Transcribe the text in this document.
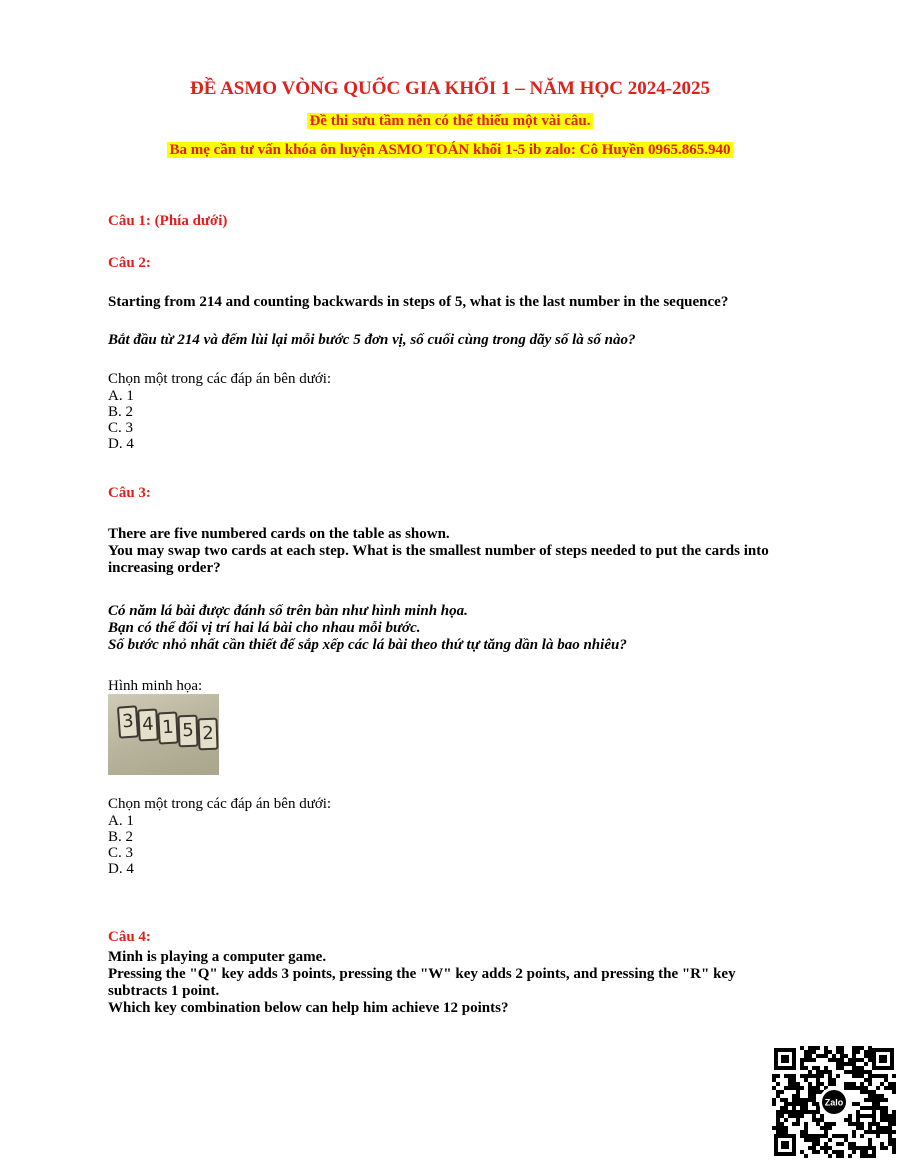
ĐỀ ASMO VÒNG QUỐC GIA KHỐI 1 – NĂM HỌC 2024-2025
Đề thi sưu tầm nên có thể thiếu một vài câu.
Ba mẹ cần tư vấn khóa ôn luyện ASMO TOÁN khối 1-5 ib zalo: Cô Huyền 0965.865.940
Câu 1: (Phía dưới)
Câu 2:
Starting from 214 and counting backwards in steps of 5, what is the last number in the sequence?
Bắt đầu từ 214 và đếm lùi lại mỗi bước 5 đơn vị, số cuối cùng trong dãy số là số nào?
Chọn một trong các đáp án bên dưới:
A. 1
B. 2
C. 3
D. 4
Câu 3:
There are five numbered cards on the table as shown.
You may swap two cards at each step. What is the smallest number of steps needed to put the cards into increasing order?
Có năm lá bài được đánh số trên bàn như hình minh họa.
Bạn có thể đổi vị trí hai lá bài cho nhau mỗi bước.
Số bước nhỏ nhất cần thiết để sắp xếp các lá bài theo thứ tự tăng dần là bao nhiêu?
Hình minh họa:
3 4 1 5 2
Chọn một trong các đáp án bên dưới:
A. 1
B. 2
C. 3
D. 4
Câu 4:
Minh is playing a computer game.
Pressing the "Q" key adds 3 points, pressing the "W" key adds 2 points, and pressing the "R" key subtracts 1 point.
Which key combination below can help him achieve 12 points?
Zalo
